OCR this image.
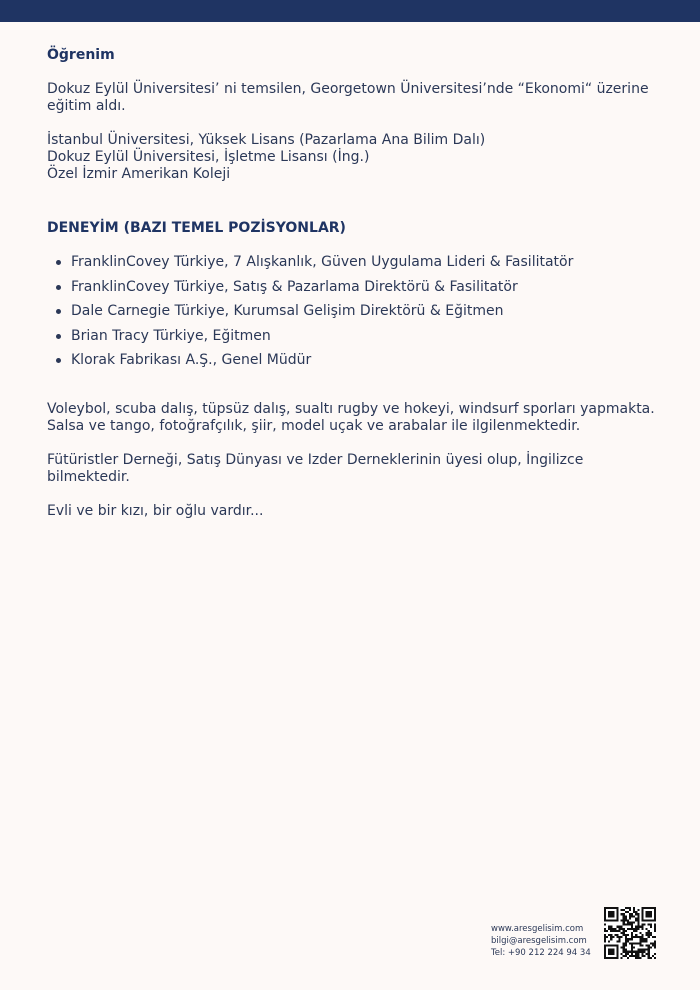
Öğrenim

Dokuz Eylül Üniversitesi’ ni temsilen, Georgetown Üniversitesi’nde “Ekonomi“ üzerine
eğitim aldı.

İstanbul Üniversitesi, Yüksek Lisans (Pazarlama Ana Bilim Dalı)
Dokuz Eylül Üniversitesi, İşletme Lisansı (İng.)
Özel İzmir Amerikan Koleji

DENEYİM (BAZI TEMEL POZİSYONLAR)
FranklinCovey Türkiye, 7 Alışkanlık, Güven Uygulama Lideri & Fasilitatör
FranklinCovey Türkiye, Satış & Pazarlama Direktörü & Fasilitatör
Dale Carnegie Türkiye, Kurumsal Gelişim Direktörü & Eğitmen
Brian Tracy Türkiye, Eğitmen
Klorak Fabrikası A.Ş., Genel Müdür

Voleybol, scuba dalış, tüpsüz dalış, sualtı rugby ve hokeyi, windsurf sporları yapmakta.
Salsa ve tango, fotoğrafçılık, şiir, model uçak ve arabalar ile ilgilenmektedir.

Fütüristler Derneği, Satış Dünyası ve Izder Derneklerinin üyesi olup, İngilizce
bilmektedir.

Evli ve bir kızı, bir oğlu vardır...

www.aresgelisim.com
bilgi@aresgelisim.com
Tel: +90 212 224 94 34
